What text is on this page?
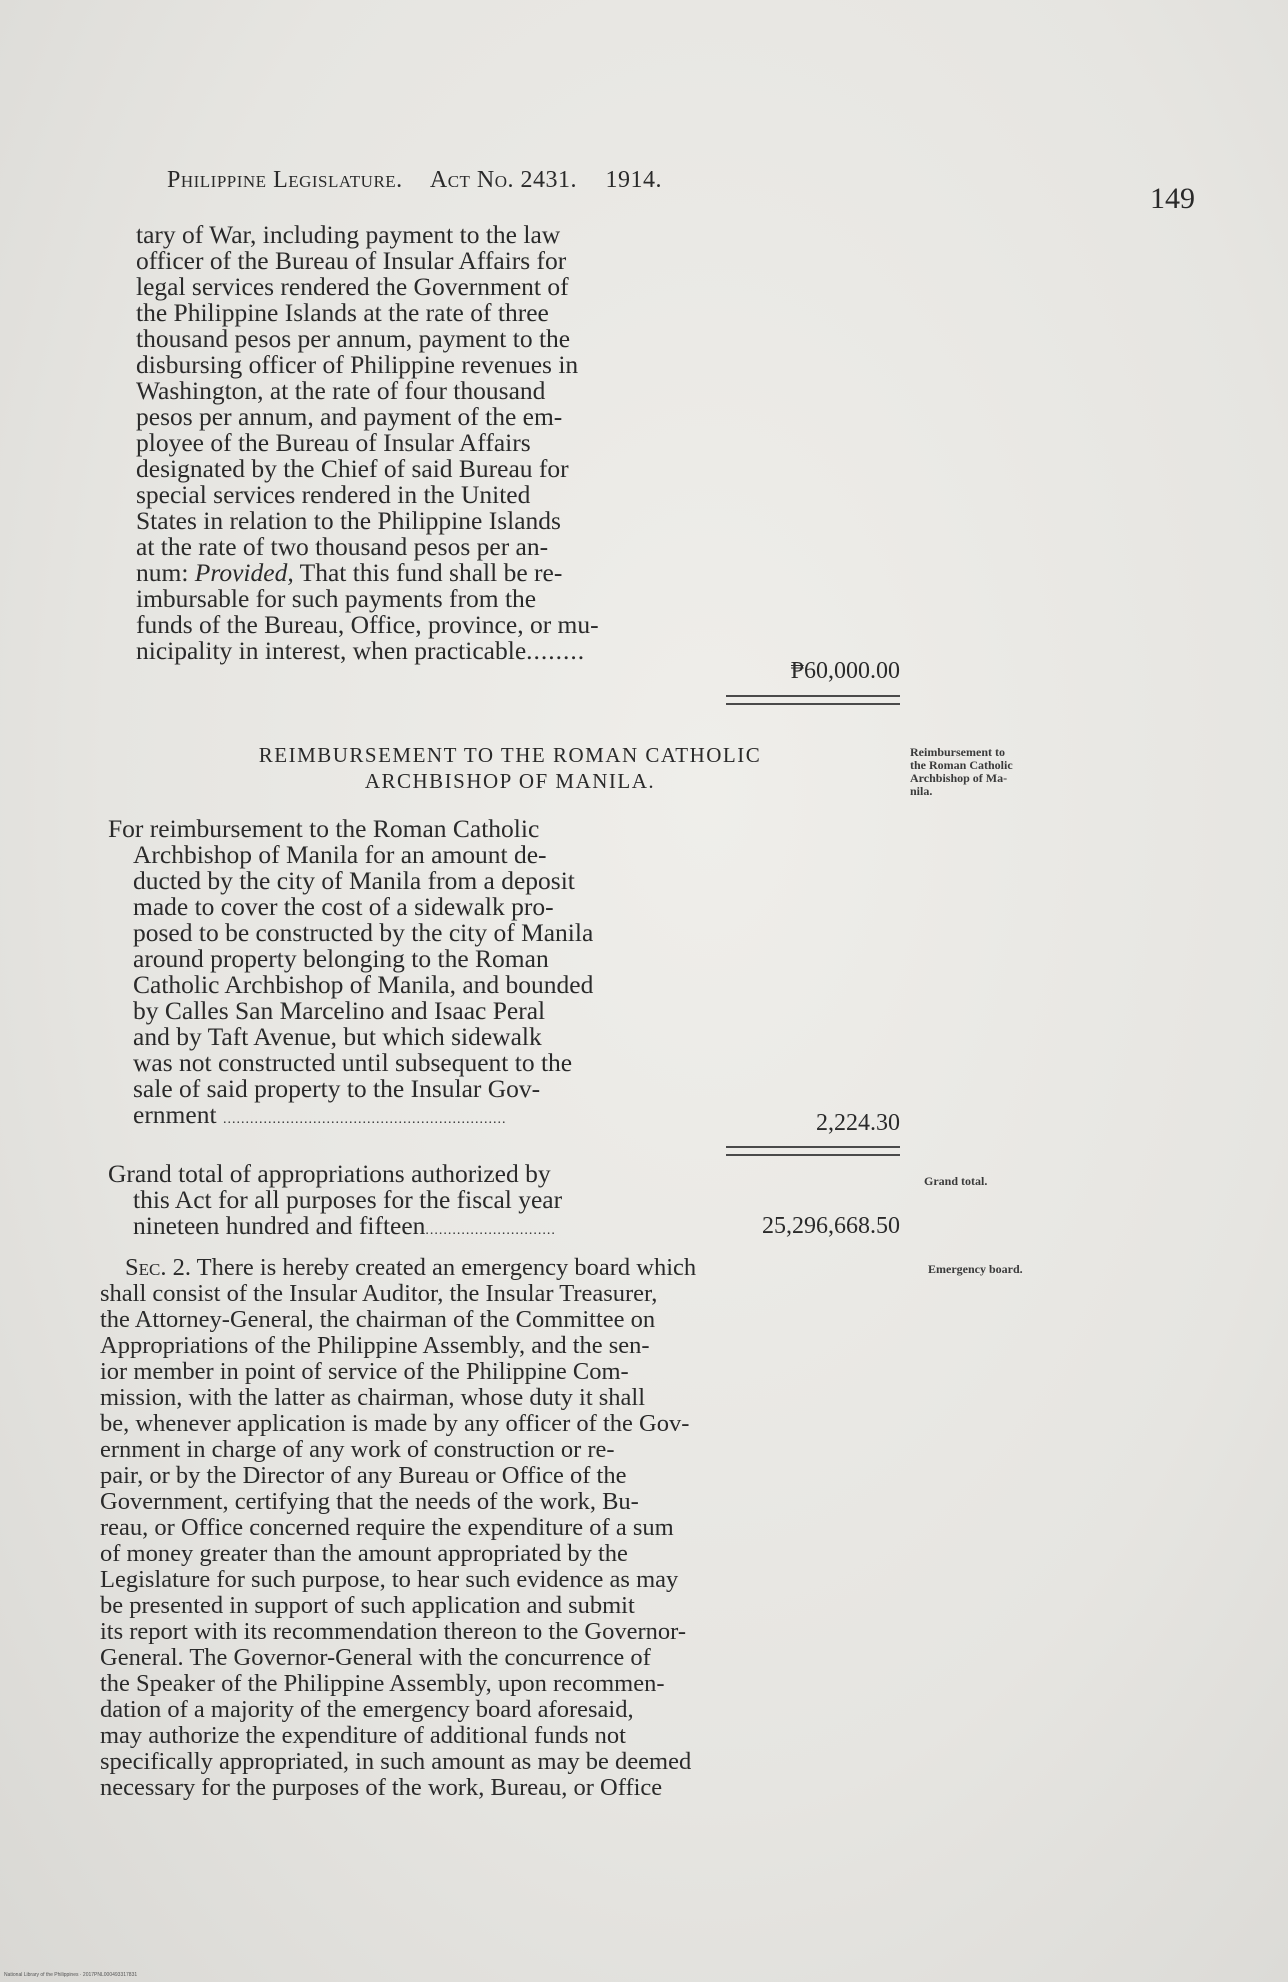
Philippine Legislature. Act No. 2431. 1914.
149
tary of War, including payment to the law
officer of the Bureau of Insular Affairs for
legal services rendered the Government of
the Philippine Islands at the rate of three
thousand pesos per annum, payment to the
disbursing officer of Philippine revenues in
Washington, at the rate of four thousand
pesos per annum, and payment of the em-
ployee of the Bureau of Insular Affairs
designated by the Chief of said Bureau for
special services rendered in the United
States in relation to the Philippine Islands
at the rate of two thousand pesos per an-
num: Provided, That this fund shall be re-
imbursable for such payments from the
funds of the Bureau, Office, province, or mu-
nicipality in interest, when practicable........
₱60,000.00
REIMBURSEMENT TO THE ROMAN CATHOLIC
ARCHBISHOP OF MANILA.
Reimbursement to
the Roman Catholic
Archbishop of Ma-
nila.
For reimbursement to the Roman Catholic
Archbishop of Manila for an amount de-
ducted by the city of Manila from a deposit
made to cover the cost of a sidewalk pro-
posed to be constructed by the city of Manila
around property belonging to the Roman
Catholic Archbishop of Manila, and bounded
by Calles San Marcelino and Isaac Peral
and by Taft Avenue, but which sidewalk
was not constructed until subsequent to the
sale of said property to the Insular Gov-
ernment ...............................................................	2,224.30
Grand total of appropriations authorized by
this Act for all purposes for the fiscal year
nineteen hundred and fifteen.............................	25,296,668.50
Grand total.
Sec. 2. There is hereby created an emergency board which
shall consist of the Insular Auditor, the Insular Treasurer,
the Attorney-General, the chairman of the Committee on
Appropriations of the Philippine Assembly, and the sen-
ior member in point of service of the Philippine Com-
mission, with the latter as chairman, whose duty it shall
be, whenever application is made by any officer of the Gov-
ernment in charge of any work of construction or re-
pair, or by the Director of any Bureau or Office of the
Government, certifying that the needs of the work, Bu-
reau, or Office concerned require the expenditure of a sum
of money greater than the amount appropriated by the
Legislature for such purpose, to hear such evidence as may
be presented in support of such application and submit
its report with its recommendation thereon to the Governor-
General. The Governor-General with the concurrence of
the Speaker of the Philippine Assembly, upon recommen-
dation of a majority of the emergency board aforesaid,
may authorize the expenditure of additional funds not
specifically appropriated, in such amount as may be deemed
necessary for the purposes of the work, Bureau, or Office
Emergency board.
National Library of the Philippines · 2017PNL000493317831
